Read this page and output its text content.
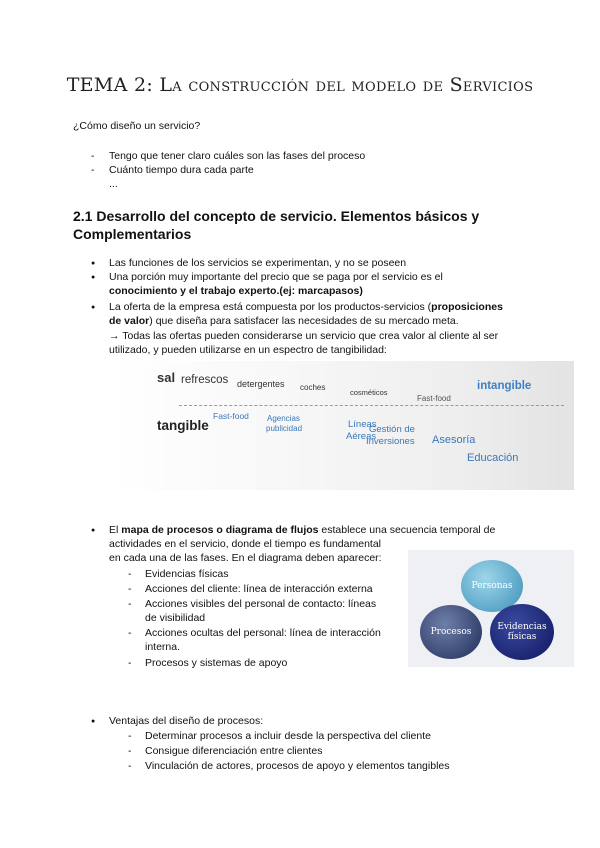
TEMA 2: La construcción del modelo de Servicios
¿Cómo diseño un servicio?
- Tengo que tener claro cuáles son las fases del proceso
- Cuánto tiempo dura cada parte
...
2.1 Desarrollo del concepto de servicio. Elementos básicos y
Complementarios
● Las funciones de los servicios se experimentan, y no se poseen
● Una porción muy importante del precio que se paga por el servicio es el
conocimiento y el trabajo experto.(ej: marcapasos)
● La oferta de la empresa está compuesta por los productos-servicios (proposiciones
de valor) que diseña para satisfacer las necesidades de su mercado meta.
→ Todas las ofertas pueden considerarse un servicio que crea valor al cliente al ser
utilizado, y pueden utilizarse en un espectro de tangibilidad:
sal refrescos detergentes coches
cosméticos
Fast-food
intangible
tangible
Fast-food Agencias
publicidad	Líneas
Aéreas
Gestión de
Inversiones Asesoría
Educación
● El mapa de procesos o diagrama de flujos establece una secuencia temporal de
actividades en el servicio, donde el tiempo es fundamental
en cada una de las fases. En el diagrama deben aparecer:
- Evidencias físicas
- Acciones del cliente: línea de interacción externa
- Acciones visibles del personal de contacto: líneas
de visibilidad
- Acciones ocultas del personal: línea de interacción
interna.
- Procesos y sistemas de apoyo
Personas
Procesos	Evidencias
físicas
● Ventajas del diseño de procesos:
- Determinar procesos a incluir desde la perspectiva del cliente
- Consigue diferenciación entre clientes
- Vinculación de actores, procesos de apoyo y elementos tangibles
